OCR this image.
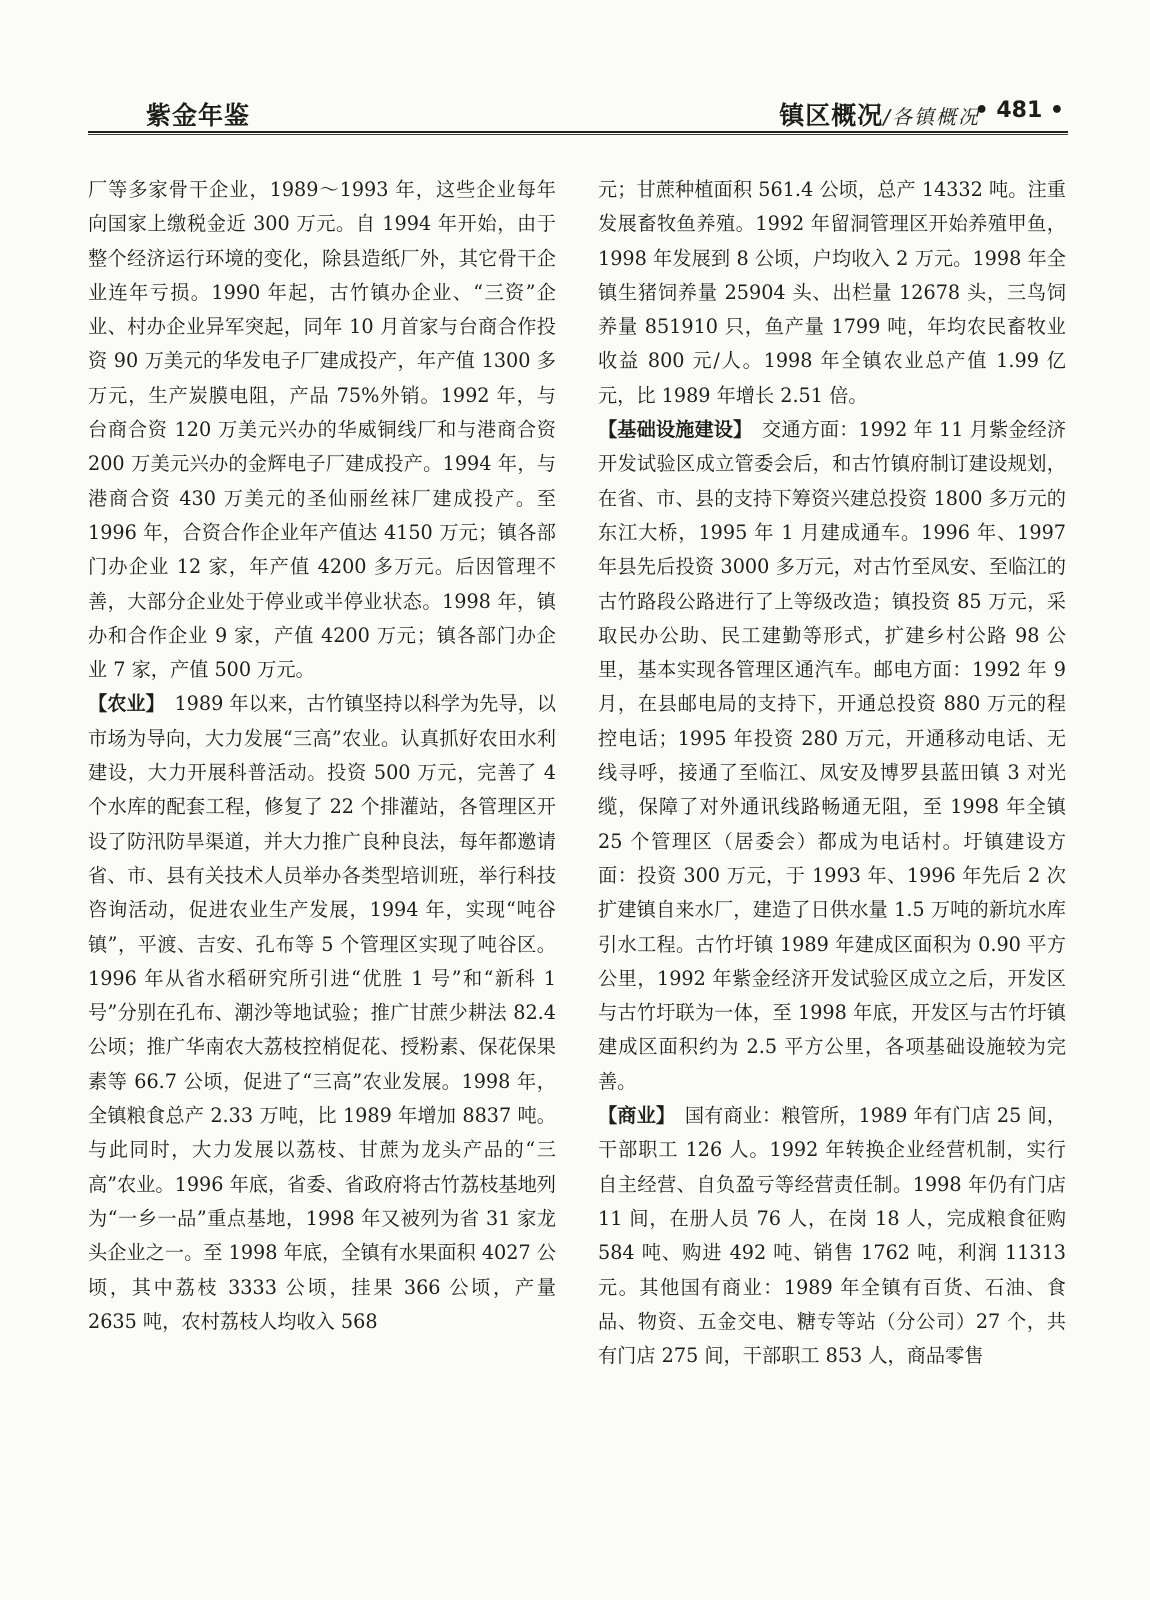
紫金年鉴	镇区概况/各镇概况
• 481 •

厂等多家骨干企业，1989～1993 年，这些企业每年向国家上缴税金近 300 万元。自 1994 年开始，由于整个经济运行环境的变化，除县造纸厂外，其它骨干企业连年亏损。1990 年起，古竹镇办企业、“三资”企业、村办企业异军突起，同年 10 月首家与台商合作投资 90 万美元的华发电子厂建成投产，年产值 1300 多万元，生产炭膜电阻，产品 75%外销。1992 年，与台商合资 120 万美元兴办的华威铜线厂和与港商合资 200 万美元兴办的金辉电子厂建成投产。1994 年，与港商合资 430 万美元的圣仙丽丝袜厂建成投产。至 1996 年，合资合作企业年产值达 4150 万元；镇各部门办企业 12 家，年产值 4200 多万元。后因管理不善，大部分企业处于停业或半停业状态。1998 年，镇办和合作企业 9 家，产值 4200 万元；镇各部门办企业 7 家，产值 500 万元。

【农业】　1989 年以来，古竹镇坚持以科学为先导，以市场为导向，大力发展“三高”农业。认真抓好农田水利建设，大力开展科普活动。投资 500 万元，完善了 4 个水库的配套工程，修复了 22 个排灌站，各管理区开设了防汛防旱渠道，并大力推广良种良法，每年都邀请省、市、县有关技术人员举办各类型培训班，举行科技咨询活动，促进农业生产发展，1994 年，实现“吨谷镇”，平渡、吉安、孔布等 5 个管理区实现了吨谷区。1996 年从省水稻研究所引进“优胜 1 号”和“新科 1 号”分别在孔布、潮沙等地试验；推广甘蔗少耕法 82.4 公顷；推广华南农大荔枝控梢促花、授粉素、保花保果素等 66.7 公顷，促进了“三高”农业发展。1998 年，全镇粮食总产 2.33 万吨，比 1989 年增加 8837 吨。与此同时，大力发展以荔枝、甘蔗为龙头产品的“三高”农业。1996 年底，省委、省政府将古竹荔枝基地列为“一乡一品”重点基地，1998 年又被列为省 31 家龙头企业之一。至 1998 年底，全镇有水果面积 4027 公顷，其中荔枝 3333 公顷，挂果 366 公顷，产量 2635 吨，农村荔枝人均收入 568

元；甘蔗种植面积 561.4 公顷，总产 14332 吨。注重发展畜牧鱼养殖。1992 年留洞管理区开始养殖甲鱼，1998 年发展到 8 公顷，户均收入 2 万元。1998 年全镇生猪饲养量 25904 头、出栏量 12678 头，三鸟饲养量 851910 只，鱼产量 1799 吨，年均农民畜牧业收益 800 元/人。1998 年全镇农业总产值 1.99 亿元，比 1989 年增长 2.51 倍。

【基础设施建设】　交通方面：1992 年 11 月紫金经济开发试验区成立管委会后，和古竹镇府制订建设规划，在省、市、县的支持下筹资兴建总投资 1800 多万元的东江大桥，1995 年 1 月建成通车。1996 年、1997 年县先后投资 3000 多万元，对古竹至凤安、至临江的古竹路段公路进行了上等级改造；镇投资 85 万元，采取民办公助、民工建勤等形式，扩建乡村公路 98 公里，基本实现各管理区通汽车。邮电方面：1992 年 9 月，在县邮电局的支持下，开通总投资 880 万元的程控电话；1995 年投资 280 万元，开通移动电话、无线寻呼，接通了至临江、凤安及博罗县蓝田镇 3 对光缆，保障了对外通讯线路畅通无阻，至 1998 年全镇 25 个管理区（居委会）都成为电话村。圩镇建设方面：投资 300 万元，于 1993 年、1996 年先后 2 次扩建镇自来水厂，建造了日供水量 1.5 万吨的新坑水库引水工程。古竹圩镇 1989 年建成区面积为 0.90 平方公里，1992 年紫金经济开发试验区成立之后，开发区与古竹圩联为一体，至 1998 年底，开发区与古竹圩镇建成区面积约为 2.5 平方公里，各项基础设施较为完善。

【商业】　国有商业：粮管所，1989 年有门店 25 间，干部职工 126 人。1992 年转换企业经营机制，实行自主经营、自负盈亏等经营责任制。1998 年仍有门店 11 间，在册人员 76 人，在岗 18 人，完成粮食征购 584 吨、购进 492 吨、销售 1762 吨，利润 11313 元。其他国有商业：1989 年全镇有百货、石油、食品、物资、五金交电、糖专等站（分公司）27 个，共有门店 275 间，干部职工 853 人，商品零售
